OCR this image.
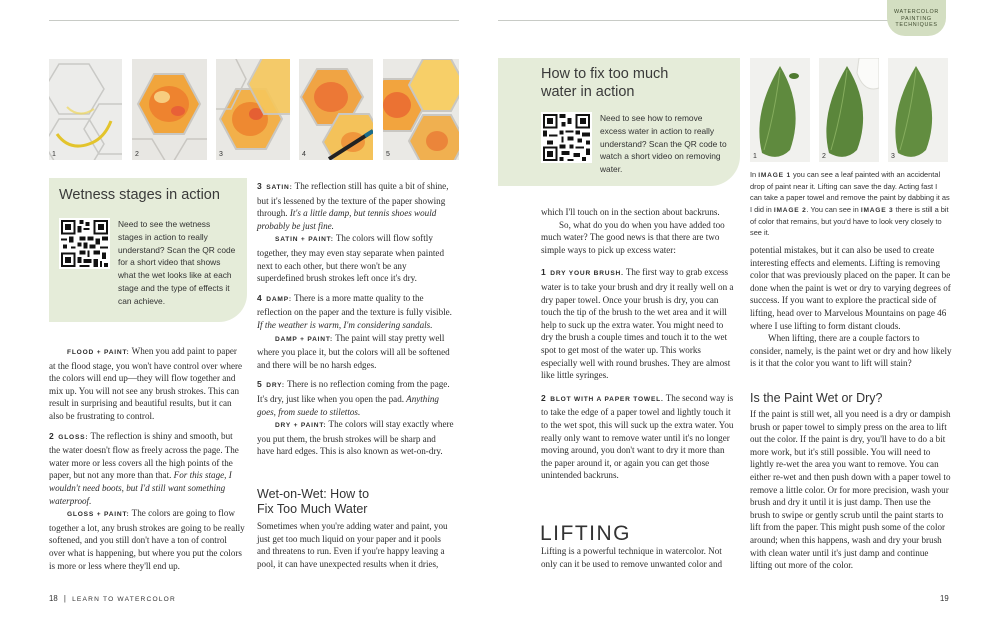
WATERCOLOR
PAINTING
TECHNIQUES
1	2	3	4	5
Wetness stages in action
Need to see the wetness stages in action to really understand? Scan the QR code for a short video that shows what the wet looks like at each stage and the type of effects it can achieve.

FLOOD + PAINT: When you add paint to paper at the flood stage, you won't have control over where the colors will end up—they will flow together and mix up. You will not see any brush strokes. This can result in surprising and beautiful results, but it can also be frustrating to control.

2 GLOSS: The reflection is shiny and smooth, but the water doesn't flow as freely across the page. The water more or less covers all the high points of the paper, but not any more than that. For this stage, I wouldn't need boots, but I'd still want something waterproof.

GLOSS + PAINT: The colors are going to flow together a lot, any brush strokes are going to be really softened, and you still don't have a ton of control over what is happening, but where you put the colors is more or less where they'll end up.

3 SATIN: The reflection still has quite a bit of shine, but it's lessened by the texture of the paper showing through. It's a little damp, but tennis shoes would probably be just fine.

SATIN + PAINT: The colors will flow softly together, they may even stay separate when painted next to each other, but there won't be any superdefined brush strokes left once it's dry.

4 DAMP: There is a more matte quality to the reflection on the paper and the texture is fully visible. If the weather is warm, I'm considering sandals.

DAMP + PAINT: The paint will stay pretty well where you place it, but the colors will all be softened and there will be no harsh edges.

5 DRY: There is no reflection coming from the page. It's dry, just like when you open the pad. Anything goes, from suede to stilettos.

DRY + PAINT: The colors will stay exactly where you put them, the brush strokes will be sharp and have hard edges. This is also known as wet-on-dry.

Wet-on-Wet: How to
Fix Too Much Water

Sometimes when you're adding water and paint, you just get too much liquid on your paper and it pools and threatens to run. Even if you're happy leaving a pool, it can have unexpected results when it dries,

18 | LEARN TO WATERCOLOR
How to fix too much
water in action
Need to see how to remove excess water in action to really understand? Scan the QR code to watch a short video on removing water.
1	2	3
In IMAGE 1 you can see a leaf painted with an accidental drop of paint near it. Lifting can save the day. Acting fast I can take a paper towel and remove the paint by dabbing it as I did in IMAGE 2. You can see in IMAGE 3 there is still a bit of color that remains, but you'd have to look very closely to see it.

which I'll touch on in the section about backruns.

So, what do you do when you have added too much water? The good news is that there are two simple ways to pick up excess water:

1 DRY YOUR BRUSH. The first way to grab excess water is to take your brush and dry it really well on a dry paper towel. Once your brush is dry, you can touch the tip of the brush to the wet area and it will help to suck up the extra water. You might need to dry the brush a couple times and touch it to the wet spot to get most of the water up. This works especially well with round brushes. They are almost like little syringes.

2 BLOT WITH A PAPER TOWEL. The second way is to take the edge of a paper towel and lightly touch it to the wet spot, this will suck up the extra water. You really only want to remove water until it's no longer moving around, you don't want to dry it more than the paper around it, or again you can get those unintended backruns.

LIFTING

Lifting is a powerful technique in watercolor. Not only can it be used to remove unwanted color and

potential mistakes, but it can also be used to create interesting effects and elements. Lifting is removing color that was previously placed on the paper. It can be done when the paint is wet or dry to varying degrees of success. If you want to explore the practical side of lifting, head over to Marvelous Mountains on page 46 where I use lifting to form distant clouds.

When lifting, there are a couple factors to consider, namely, is the paint wet or dry and how likely is it that the color you want to lift will stain?

Is the Paint Wet or Dry?

If the paint is still wet, all you need is a dry or dampish brush or paper towel to simply press on the area to lift out the color. If the paint is dry, you'll have to do a bit more work, but it's still possible. You will need to lightly re-wet the area you want to remove. You can either re-wet and then push down with a paper towel to remove a little color. Or for more precision, wash your brush and dry it until it is just damp. Then use the brush to swipe or gently scrub until the paint starts to lift from the paper. This might push some of the color around; when this happens, wash and dry your brush with clean water until it's just damp and continue lifting out more of the color.

19
